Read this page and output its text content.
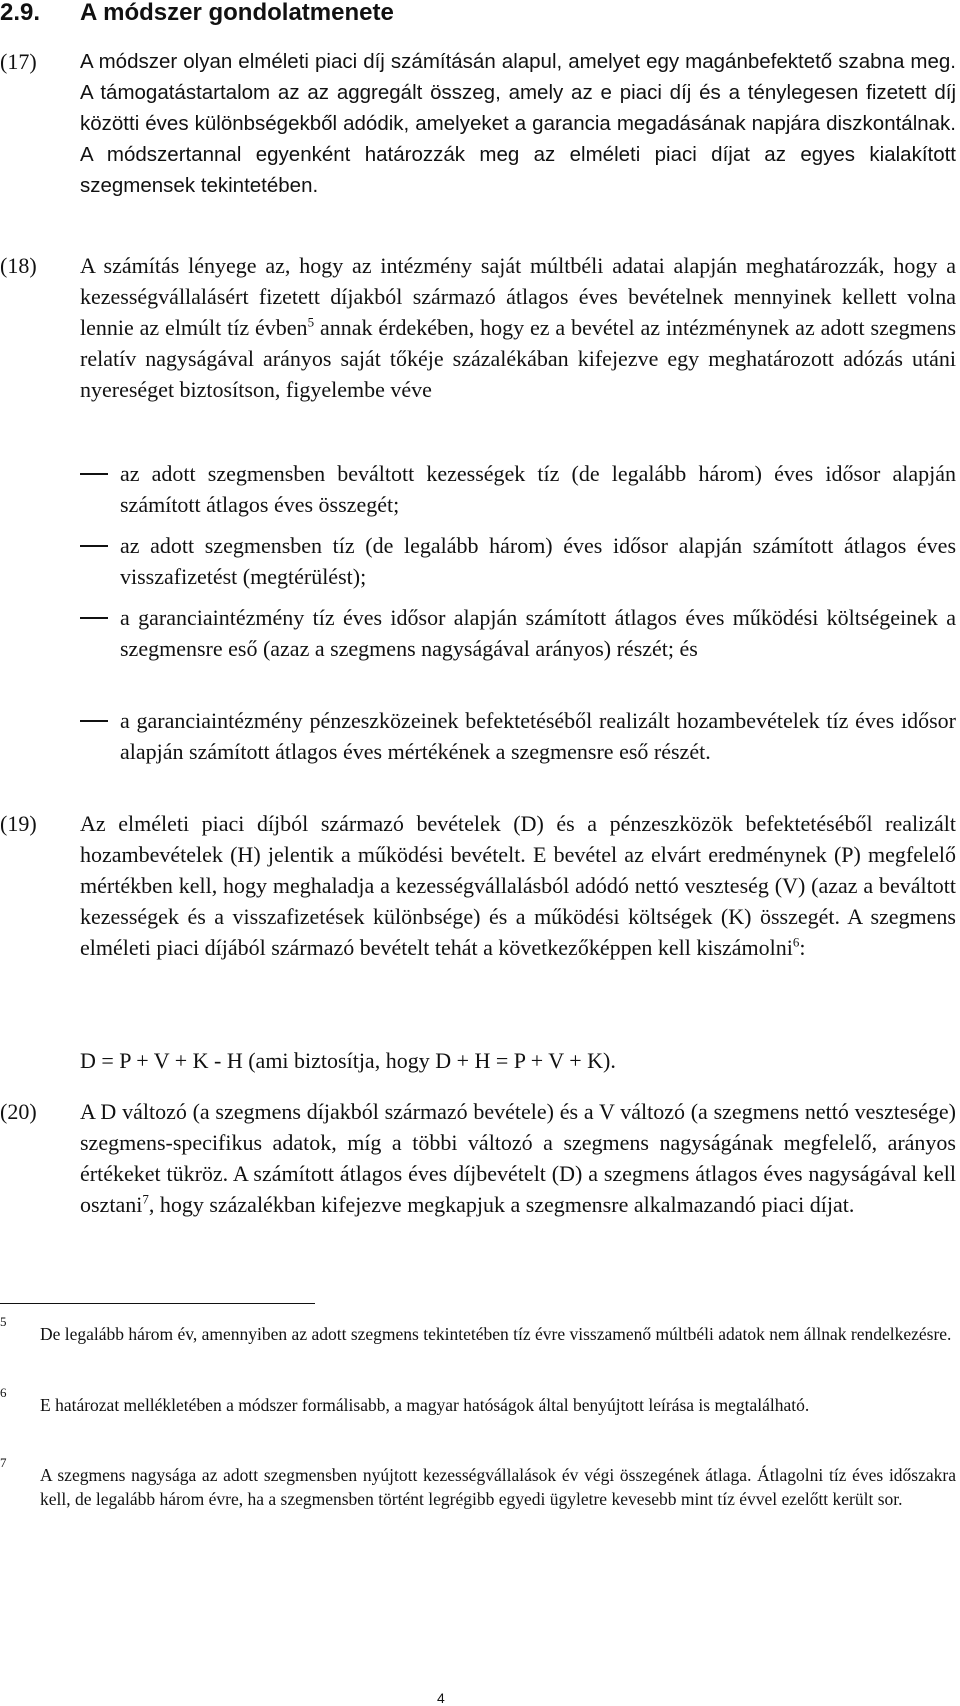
2.9. A módszer gondolatmenete
(17) A módszer olyan elméleti piaci díj számításán alapul, amelyet egy magánbefektető szabna meg. A támogatástartalom az az aggregált összeg, amely az e piaci díj és a ténylegesen fizetett díj közötti éves különbségekből adódik, amelyeket a garancia megadásának napjára diszkontálnak. A módszertannal egyenként határozzák meg az elméleti piaci díjat az egyes kialakított szegmensek tekintetében.
(18) A számítás lényege az, hogy az intézmény saját múltbéli adatai alapján meghatározzák, hogy a kezességvállalásért fizetett díjakból származó átlagos éves bevételnek mennyinek kellett volna lennie az elmúlt tíz évben$^5$ annak érdekében, hogy ez a bevétel az intézménynek az adott szegmens relatív nagyságával arányos saját tőkéje százalékában kifejezve egy meghatározott adózás utáni nyereséget biztosítson, figyelembe véve
az adott szegmensben beváltott kezességek tíz (de legalább három) éves idősor alapján számított átlagos éves összegét;
az adott szegmensben tíz (de legalább három) éves idősor alapján számított átlagos éves visszafizetést (megtérülést);
a garanciaintézmény tíz éves idősor alapján számított átlagos éves működési költségeinek a szegmensre eső (azaz a szegmens nagyságával arányos) részét; és
a garanciaintézmény pénzeszközeinek befektetéséből realizált hozambevételek tíz éves idősor alapján számított átlagos éves mértékének a szegmensre eső részét.
(19) Az elméleti piaci díjból származó bevételek (D) és a pénzeszközök befektetéséből realizált hozambevételek (H) jelentik a működési bevételt. E bevétel az elvárt eredménynek (P) megfelelő mértékben kell, hogy meghaladja a kezességvállalásból adódó nettó veszteség (V) (azaz a beváltott kezességek és a visszafizetések különbsége) és a működési költségek (K) összegét. A szegmens elméleti piaci díjából származó bevételt tehát a következőképpen kell kiszámolni$^6$:
D = P + V + K - H (ami biztosítja, hogy D + H = P + V + K).
(20) A D változó (a szegmens díjakból származó bevétele) és a V változó (a szegmens nettó vesztesége) szegmens-specifikus adatok, míg a többi változó a szegmens nagyságának megfelelő, arányos értékeket tükröz. A számított átlagos éves díjbevételt (D) a szegmens átlagos éves nagyságával kell osztani$^7$, hogy százalékban kifejezve megkapjuk a szegmensre alkalmazandó piaci díjat.
5
De legalább három év, amennyiben az adott szegmens tekintetében tíz évre visszamenő múltbéli adatok nem állnak rendelkezésre.
6
E határozat mellékletében a módszer formálisabb, a magyar hatóságok által benyújtott leírása is megtalálható.
7
A szegmens nagysága az adott szegmensben nyújtott kezességvállalások év végi összegének átlaga. Átlagolni tíz éves időszakra kell, de legalább három évre, ha a szegmensben történt legrégibb egyedi ügyletre kevesebb mint tíz évvel ezelőtt került sor.
4
